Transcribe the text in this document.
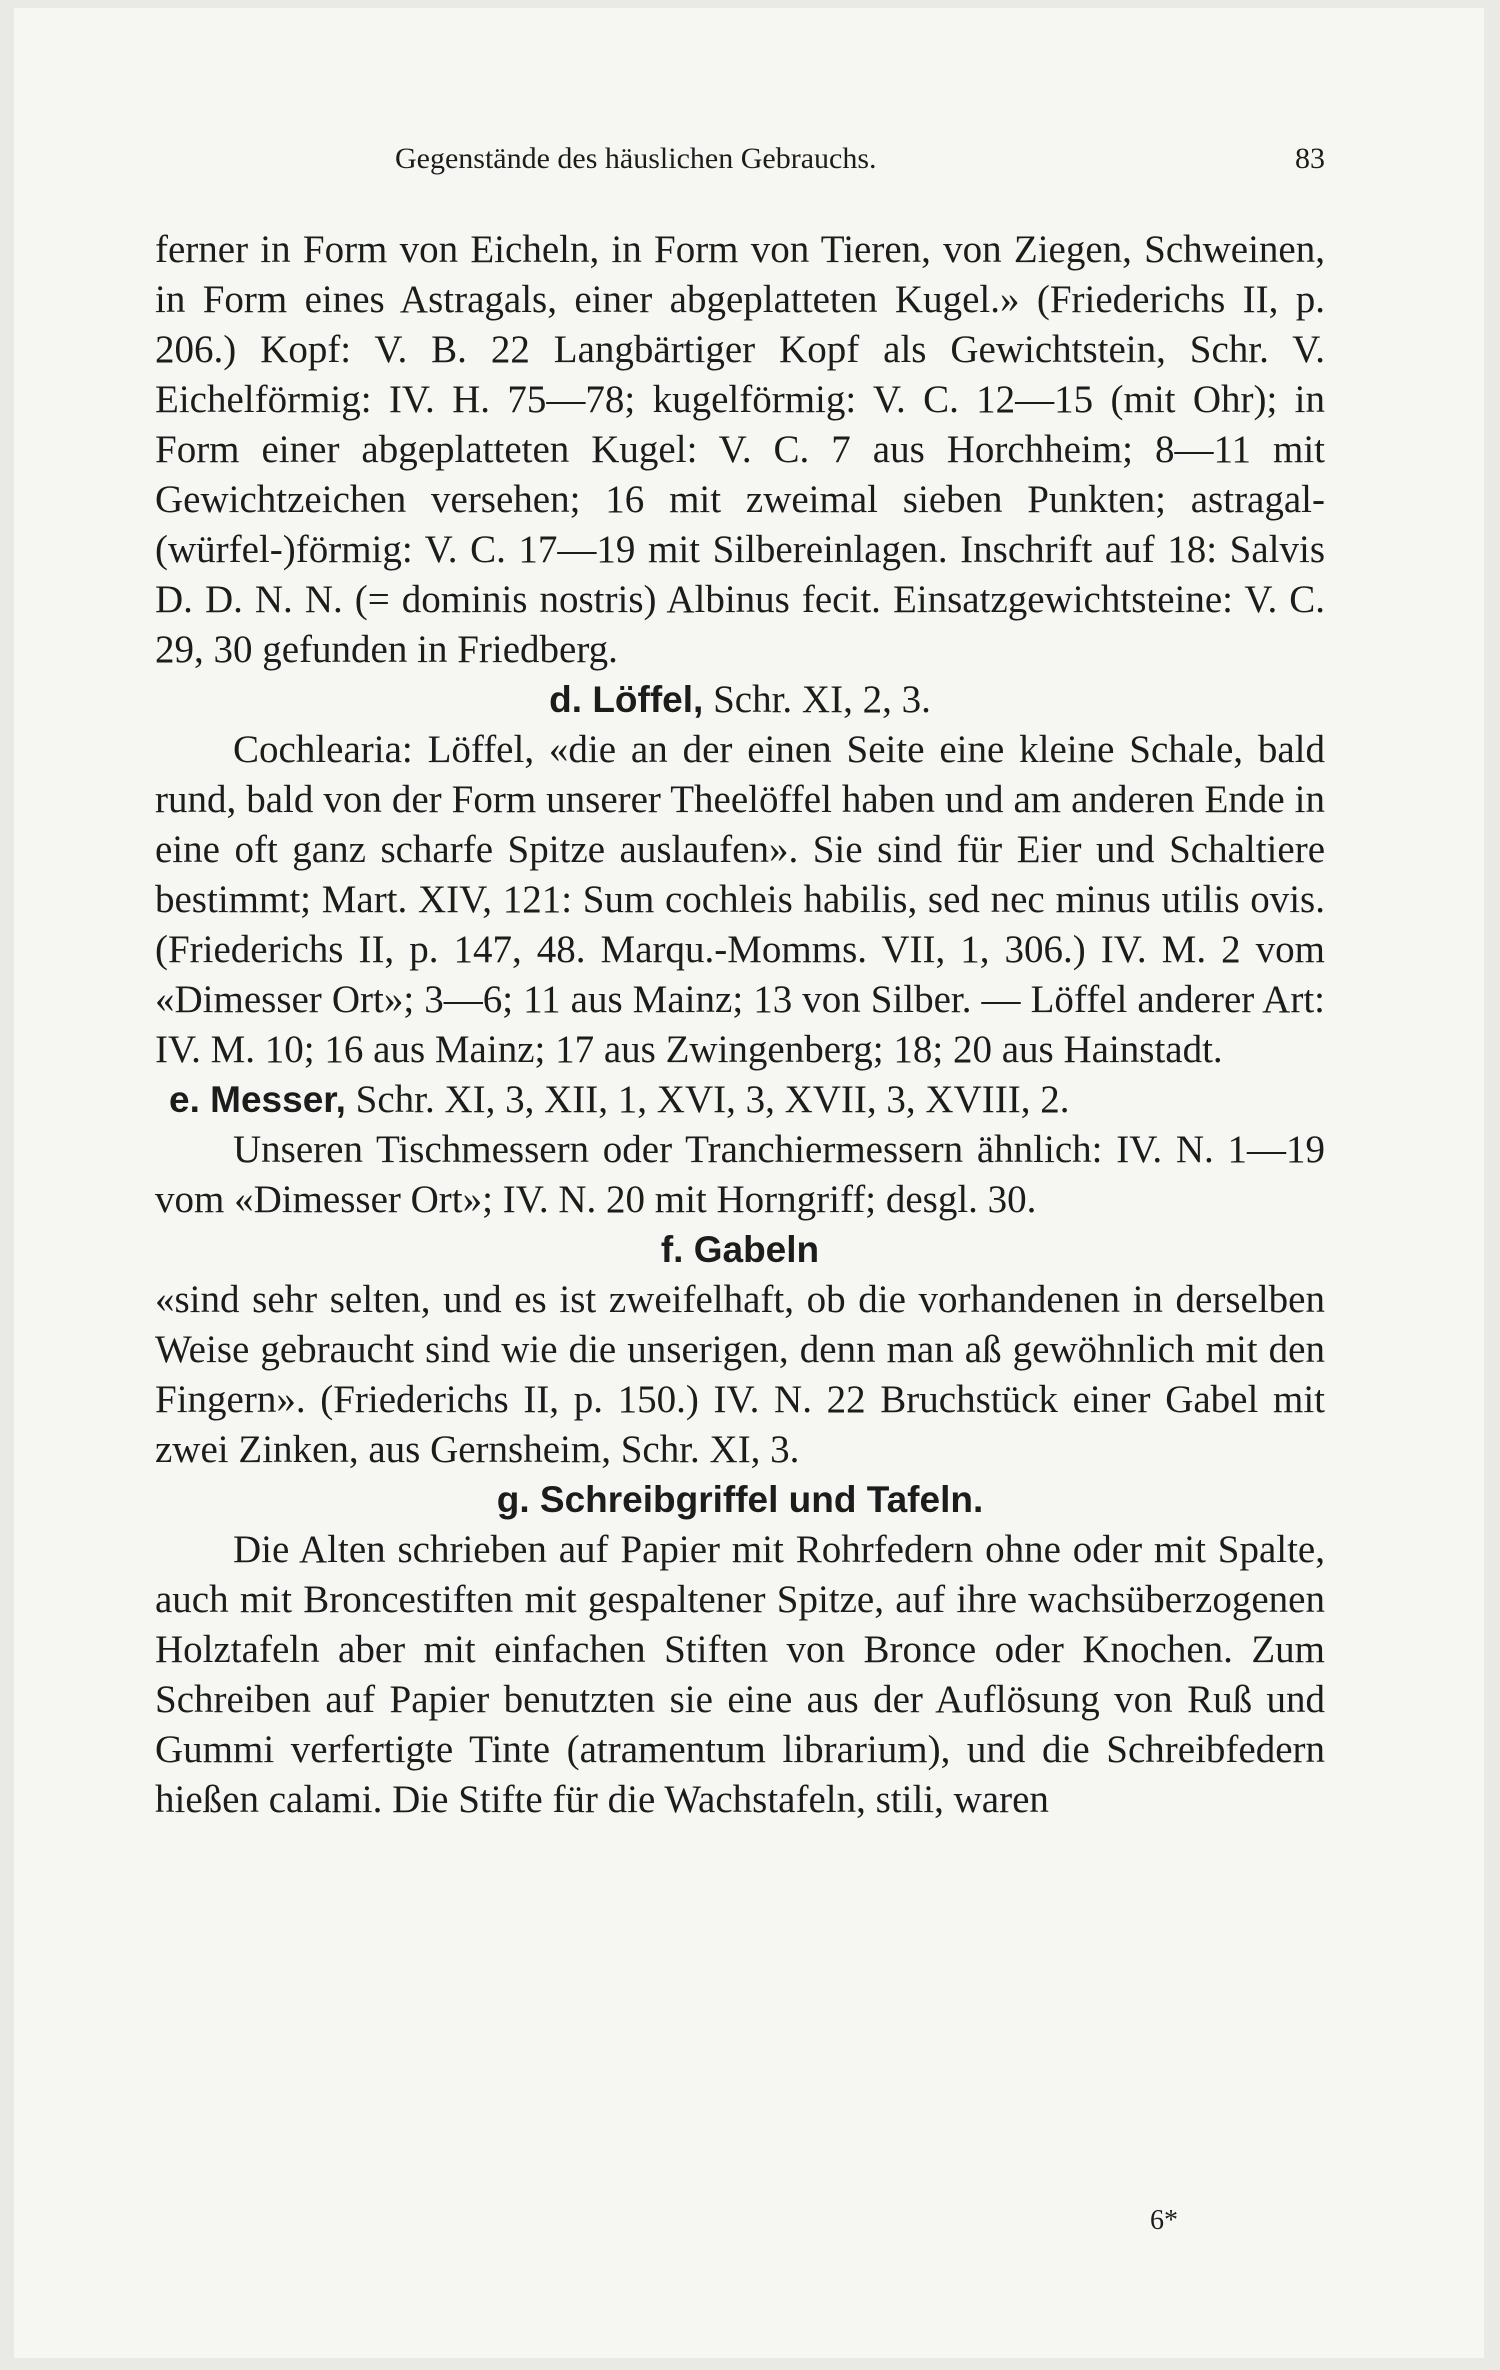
Gegenstände des häuslichen Gebrauchs.	83

ferner in Form von Eicheln, in Form von Tieren, von Ziegen, Schweinen, in Form eines Astragals, einer abgeplatteten Kugel.» (Friederichs II, p. 206.) Kopf: V. B. 22 Langbärtiger Kopf als Gewichtstein, Schr. V. Eichelförmig: IV. H. 75—78; kugelförmig: V. C. 12—15 (mit Ohr); in Form einer abgeplatteten Kugel: V. C. 7 aus Horchheim; 8—11 mit Gewichtzeichen versehen; 16 mit zweimal sieben Punkten; astragal-(würfel-)förmig: V. C. 17—19 mit Silbereinlagen. Inschrift auf 18: Salvis D. D. N. N. (= dominis nostris) Albinus fecit. Einsatzgewichtsteine: V. C. 29, 30 gefunden in Friedberg.

d. Löffel, Schr. XI, 2, 3.

Cochlearia: Löffel, «die an der einen Seite eine kleine Schale, bald rund, bald von der Form unserer Theelöffel haben und am anderen Ende in eine oft ganz scharfe Spitze auslaufen». Sie sind für Eier und Schaltiere bestimmt; Mart. XIV, 121: Sum cochleis habilis, sed nec minus utilis ovis. (Friederichs II, p. 147, 48. Marqu.-Momms. VII, 1, 306.) IV. M. 2 vom «Dimesser Ort»; 3—6; 11 aus Mainz; 13 von Silber. — Löffel anderer Art: IV. M. 10; 16 aus Mainz; 17 aus Zwingenberg; 18; 20 aus Hainstadt.

e. Messer, Schr. XI, 3, XII, 1, XVI, 3, XVII, 3, XVIII, 2.

Unseren Tischmessern oder Tranchiermessern ähnlich: IV. N. 1—19 vom «Dimesser Ort»; IV. N. 20 mit Horngriff; desgl. 30.

f. Gabeln

«sind sehr selten, und es ist zweifelhaft, ob die vorhandenen in derselben Weise gebraucht sind wie die unserigen, denn man aß gewöhnlich mit den Fingern». (Friederichs II, p. 150.) IV. N. 22 Bruchstück einer Gabel mit zwei Zinken, aus Gernsheim, Schr. XI, 3.

g. Schreibgriffel und Tafeln.

Die Alten schrieben auf Papier mit Rohrfedern ohne oder mit Spalte, auch mit Broncestiften mit gespaltener Spitze, auf ihre wachsüberzogenen Holztafeln aber mit einfachen Stiften von Bronce oder Knochen. Zum Schreiben auf Papier benutzten sie eine aus der Auflösung von Ruß und Gummi verfertigte Tinte (atramentum librarium), und die Schreibfedern hießen calami. Die Stifte für die Wachstafeln, stili, waren

6*
